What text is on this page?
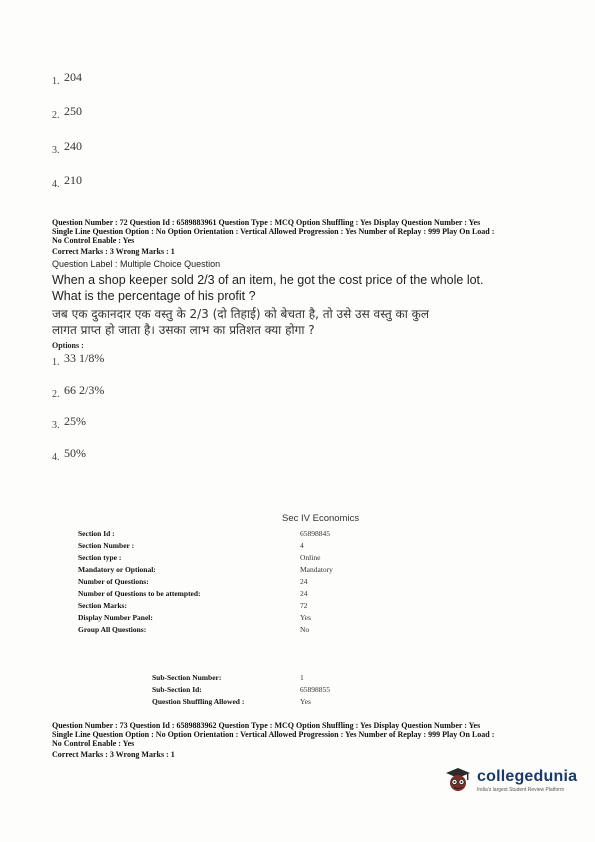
1. 204
2. 250
3. 240
4. 210
Question Number : 72 Question Id : 6589883961 Question Type : MCQ Option Shuffling : Yes Display Question Number : Yes
Single Line Question Option : No Option Orientation : Vertical Allowed Progression : Yes Number of Replay : 999 Play On Load :
No Control Enable : Yes
Correct Marks : 3 Wrong Marks : 1
Question Label : Multiple Choice Question
When a shop keeper sold 2/3 of an item, he got the cost price of the whole lot.
What is the percentage of his profit ?
जब एक दुकानदार एक वस्तु के 2/3 (दो तिहाई) को बेचता है, तो उसे उस वस्तु का कुल
लागत प्राप्त हो जाता है। उसका लाभ का प्रतिशत क्या होगा ?
Options :
1. 33 1/8%
2. 66 2/3%
3. 25%
4. 50%
Sec IV Economics
Section Id :	65898845
Section Number :	4
Section type :	Online
Mandatory or Optional:	Mandatory
Number of Questions:	24
Number of Questions to be attempted:	24
Section Marks:	72
Display Number Panel:	Yes
Group All Questions:	No
Sub-Section Number:	1
Sub-Section Id:	65898855
Question Shuffling Allowed :	Yes
Question Number : 73 Question Id : 6589883962 Question Type : MCQ Option Shuffling : Yes Display Question Number : Yes
Single Line Question Option : No Option Orientation : Vertical Allowed Progression : Yes Number of Replay : 999 Play On Load :
No Control Enable : Yes
Correct Marks : 3 Wrong Marks : 1
collegedunia
India's largest Student Review Platform
